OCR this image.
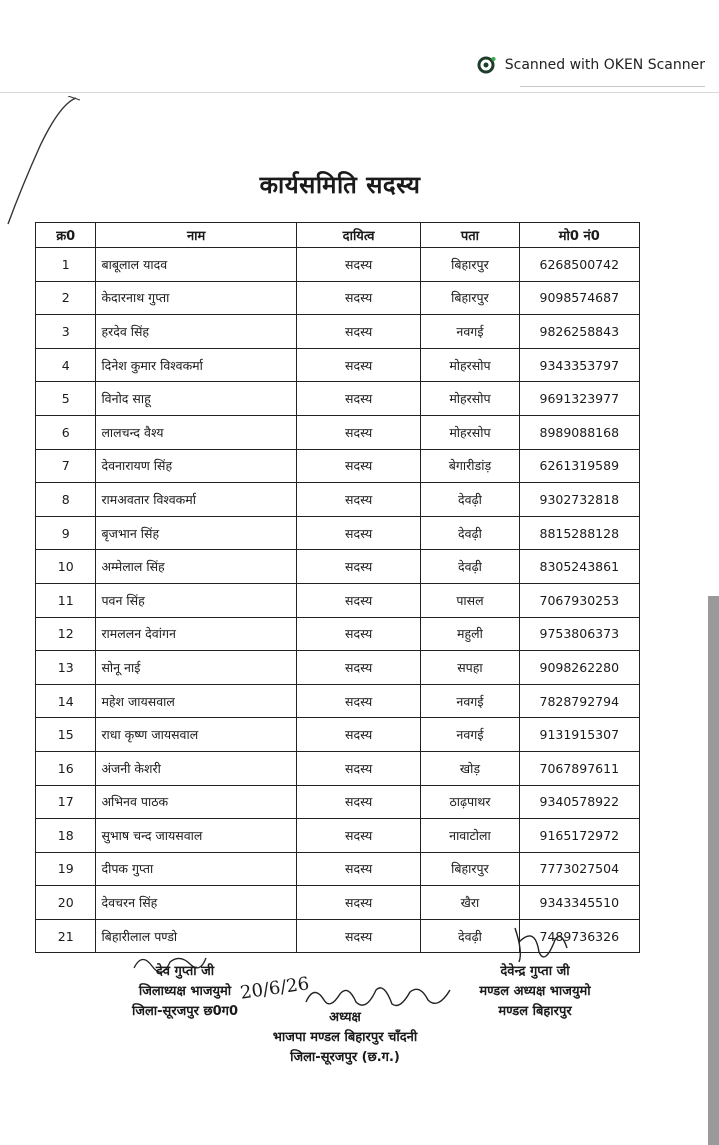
Scanned with OKEN Scanner
कार्यसमिति सदस्य
क्र0	नाम	दायित्व	पता	मो0 नं0
1	बाबूलाल यादव	सदस्य	बिहारपुर	6268500742
2	केदारनाथ गुप्ता	सदस्य	बिहारपुर	9098574687
3	हरदेव सिंह	सदस्य	नवगई	9826258843
4	दिनेश कुमार विश्वकर्मा	सदस्य	मोहरसोप	9343353797
5	विनोद साहू	सदस्य	मोहरसोप	9691323977
6	लालचन्द वैश्य	सदस्य	मोहरसोप	8989088168
7	देवनारायण सिंह	सदस्य	बेगारीडांड़	6261319589
8	रामअवतार विश्वकर्मा	सदस्य	देवढ़ी	9302732818
9	बृजभान सिंह	सदस्य	देवढ़ी	8815288128
10	अम्मेलाल सिंह	सदस्य	देवढ़ी	8305243861
11	पवन सिंह	सदस्य	पासल	7067930253
12	रामललन देवांगन	सदस्य	महुली	9753806373
13	सोनू नाई	सदस्य	सपहा	9098262280
14	महेश जायसवाल	सदस्य	नवगई	7828792794
15	राधा कृष्ण जायसवाल	सदस्य	नवगई	9131915307
16	अंजनी केशरी	सदस्य	खोड़	7067897611
17	अभिनव पाठक	सदस्य	ठाढ़पाथर	9340578922
18	सुभाष चन्द जायसवाल	सदस्य	नावाटोला	9165172972
19	दीपक गुप्ता	सदस्य	बिहारपुर	7773027504
20	देवचरन सिंह	सदस्य	खैरा	9343345510
21	बिहारीलाल पण्डो	सदस्य	देवढ़ी	7489736326
देव गुप्ता जी
जिलाध्यक्ष भाजयुमो
जिला-सूरजपुर छ0ग0
20/6/26
अध्यक्ष
भाजपा मण्डल बिहारपुर चाँदनी
जिला-सूरजपुर (छ.ग.)
देवेन्द्र गुप्ता जी
मण्डल अध्यक्ष भाजयुमो
मण्डल बिहारपुर
